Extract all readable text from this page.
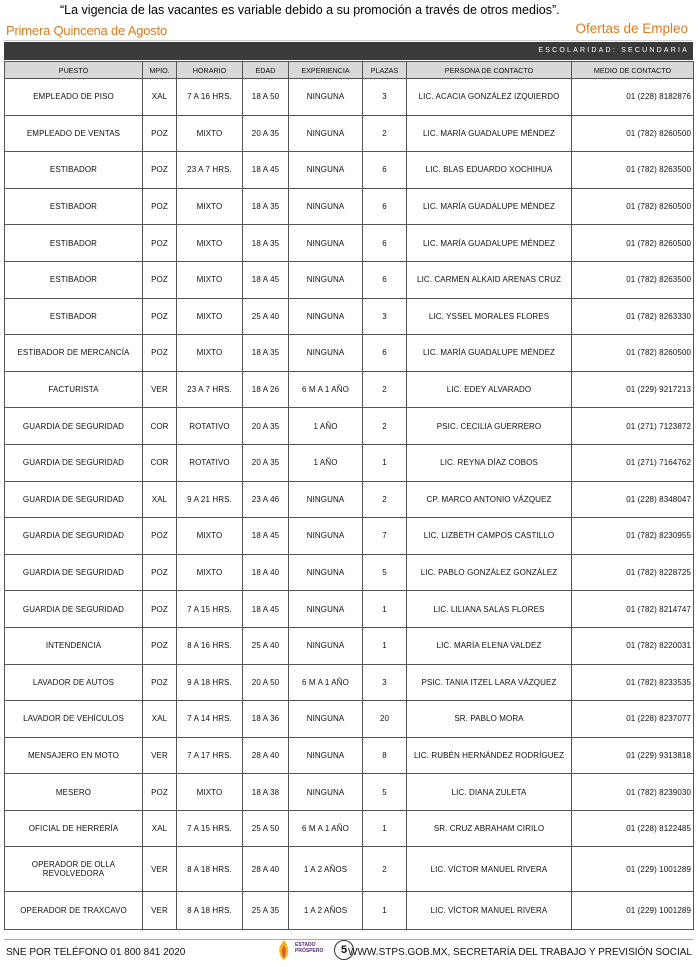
“La vigencia de las vacantes es variable debido a su promoción a través de otros medios”.
Primera Quincena de Agosto	Ofertas de Empleo
ESCOLARIDAD: SECUNDARIA
PUESTO	MPIO.	HORARIO	EDAD	EXPERIENCIA	PLAZAS	PERSONA DE CONTACTO	MEDIO DE CONTACTO
EMPLEADO DE PISO	XAL	7 A 16 HRS.	18 A 50	NINGUNA	3	LIC. ACACIA GONZÁLEZ IZQUIERDO	01 (228) 8182876
EMPLEADO DE VENTAS	POZ	MIXTO	20 A 35	NINGUNA	2	LIC. MARÍA GUADALUPE MÉNDEZ	01 (782) 8260500
ESTIBADOR	POZ	23 A 7 HRS.	18 A 45	NINGUNA	6	LIC. BLAS EDUARDO XOCHIHUA	01 (782) 8263500
ESTIBADOR	POZ	MIXTO	18 A 35	NINGUNA	6	LIC. MARÍA GUADALUPE MÉNDEZ	01 (782) 8260500
ESTIBADOR	POZ	MIXTO	18 A 35	NINGUNA	6	LIC. MARÍA GUADALUPE MÉNDEZ	01 (782) 8260500
ESTIBADOR	POZ	MIXTO	18 A 45	NINGUNA	6	LIC. CARMEN ALKAID ARENAS CRUZ	01 (782) 8263500
ESTIBADOR	POZ	MIXTO	25 A 40	NINGUNA	3	LIC. YSSEL MORALES FLORES	01 (782) 8263330
ESTIBADOR DE MERCANCÍA	POZ	MIXTO	18 A 35	NINGUNA	6	LIC. MARÍA GUADALUPE MÉNDEZ	01 (782) 8260500
FACTURISTA	VER	23 A 7 HRS.	18 A 26	6 M A 1 AÑO	2	LIC. EDEY ALVARADO	01 (229) 9217213
GUARDIA DE SEGURIDAD	COR	ROTATIVO	20 A 35	1 AÑO	2	PSIC. CECILIA GUERRERO	01 (271) 7123872
GUARDIA DE SEGURIDAD	COR	ROTATIVO	20 A 35	1 AÑO	1	LIC. REYNA DÍAZ COBOS	01 (271) 7164762
GUARDIA DE SEGURIDAD	XAL	9 A 21 HRS.	23 A 46	NINGUNA	2	CP. MARCO ANTONIO VÁZQUEZ	01 (228) 8348047
GUARDIA DE SEGURIDAD	POZ	MIXTO	18 A 45	NINGUNA	7	LIC. LIZBETH CAMPOS CASTILLO	01 (782) 8230955
GUARDIA DE SEGURIDAD	POZ	MIXTO	18 A 40	NINGUNA	5	LIC. PABLO GONZÁLEZ GONZÁLEZ	01 (782) 8228725
GUARDIA DE SEGURIDAD	POZ	7 A 15 HRS.	18 A 45	NINGUNA	1	LIC. LILIANA SALAS FLORES	01 (782) 8214747
INTENDENCIA	POZ	8 A 16 HRS.	25 A 40	NINGUNA	1	LIC. MARÍA ELENA VALDEZ	01 (782) 8220031
LAVADOR DE AUTOS	POZ	9 A 18 HRS.	20 A 50	6 M A 1 AÑO	3	PSIC. TANIA ITZEL LARA VÁZQUEZ	01 (782) 8233535
LAVADOR DE VEHÍCULOS	XAL	7 A 14 HRS.	18 A 36	NINGUNA	20	SR. PABLO MORA	01 (228) 8237077
MENSAJERO EN MOTO	VER	7 A 17 HRS.	28 A 40	NINGUNA	8	LIC. RUBÉN HERNÁNDEZ RODRÍGUEZ	01 (229) 9313818
MESERO	POZ	MIXTO	18 A 38	NINGUNA	5	LIC. DIANA ZULETA	01 (782) 8239030
OFICIAL DE HERRERÍA	XAL	7 A 15 HRS.	25 A 50	6 M A 1 AÑO	1	SR. CRUZ ABRAHAM CIRILO	01 (228) 8122485
OPERADOR DE OLLA REVOLVEDORA	VER	8 A 18 HRS.	28 A 40	1 A 2 AÑOS	2	LIC. VÍCTOR MANUEL RIVERA	01 (229) 1001289
OPERADOR DE TRAXCAVO	VER	8 A 18 HRS.	25 A 35	1 A 2 AÑOS	1	LIC. VÍCTOR MANUEL RIVERA	01 (229) 1001289
SNE POR TELÉFONO 01 800 841 2020
ESTADO
PRÓSPERO	5 WWW.STPS.GOB.MX, SECRETARÍA DEL TRABAJO Y PREVISIÓN SOCIAL
